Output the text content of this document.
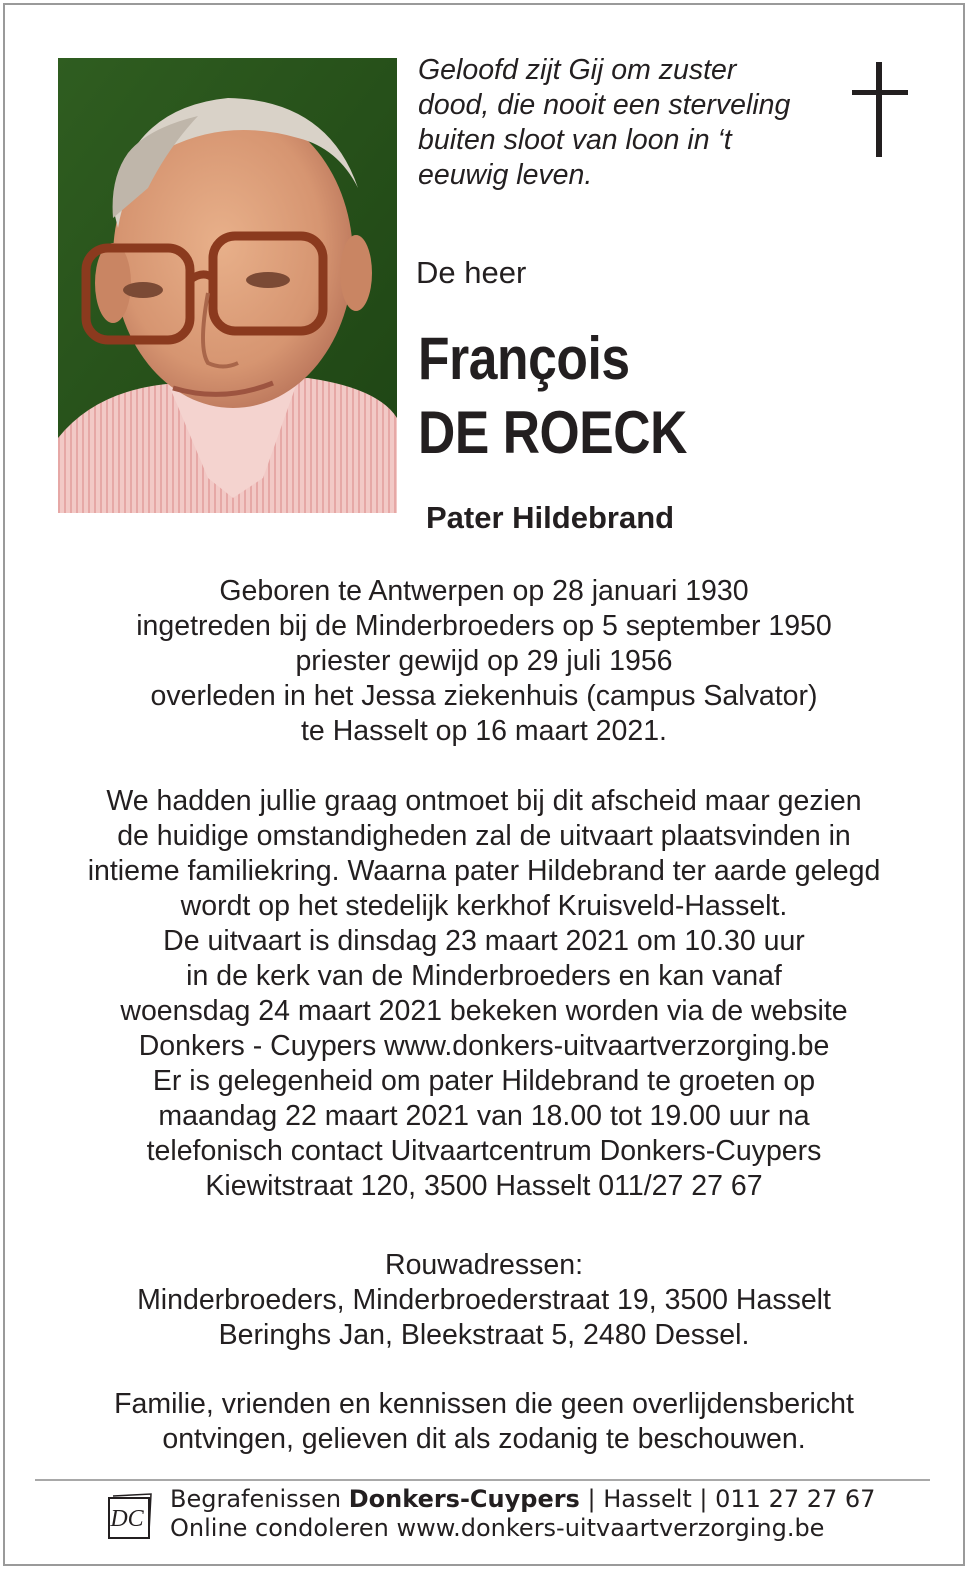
Geloofd zijt Gij om zuster
dood, die nooit een sterveling
buiten sloot van loon in ‘t
eeuwig leven.

De heer

François
DE ROECK

Pater Hildebrand

Geboren te Antwerpen op 28 januari 1930
ingetreden bij de Minderbroeders op 5 september 1950
priester gewijd op 29 juli 1956
overleden in het Jessa ziekenhuis (campus Salvator)
te Hasselt op 16 maart 2021.

We hadden jullie graag ontmoet bij dit afscheid maar gezien
de huidige omstandigheden zal de uitvaart plaatsvinden in
intieme familiekring. Waarna pater Hildebrand ter aarde gelegd
wordt op het stedelijk kerkhof Kruisveld-Hasselt.
De uitvaart is dinsdag 23 maart 2021 om 10.30 uur
in de kerk van de Minderbroeders en kan vanaf
woensdag 24 maart 2021 bekeken worden via de website
Donkers - Cuypers www.donkers-uitvaartverzorging.be
Er is gelegenheid om pater Hildebrand te groeten op
maandag 22 maart 2021 van 18.00 tot 19.00 uur na
telefonisch contact Uitvaartcentrum Donkers-Cuypers
Kiewitstraat 120, 3500 Hasselt 011/27 27 67

Rouwadressen:
Minderbroeders, Minderbroederstraat 19, 3500 Hasselt
Beringhs Jan, Bleekstraat 5, 2480 Dessel.

Familie, vrienden en kennissen die geen overlijdensbericht
ontvingen, gelieven dit als zodanig te beschouwen.

DC

Begrafenissen Donkers-Cuypers | Hasselt | 011 27 27 67
Online condoleren www.donkers-uitvaartverzorging.be
